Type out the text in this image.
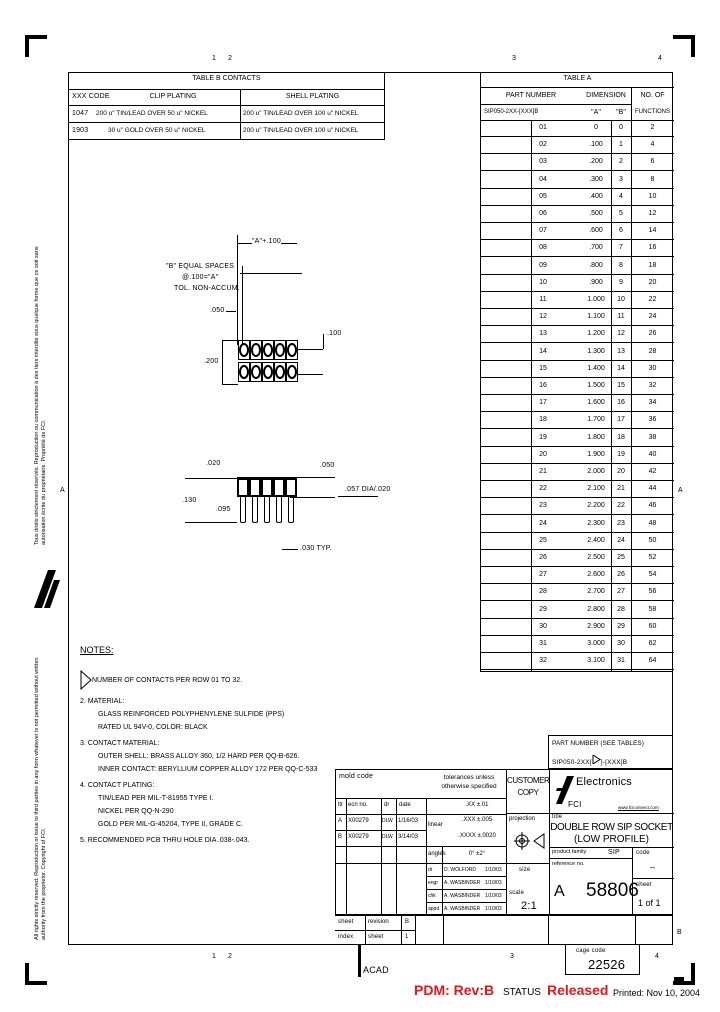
1 2	3	4
1 2	3	4
A	A
B
All rights strictly reserved. Reproduction or issue to third parties in any form whatever is not permitted without written authority from the proprietor. Copyright of FCI.
Tous droits strictement réservés. Reproduction ou communication à des tiers interdite sous quelque forme que ce soit sans autorisation écrite du propriétaire. Propriété de FCI.
TABLE B CONTACTS
XXX CODE	CLIP PLATING	SHELL PLATING
1047 200 u" TIN/LEAD OVER 50 u" NICKEL	200 u" TIN/LEAD OVER 100 u" NICKEL
1903	30 u" GOLD OVER 50 u" NICKEL	200 u" TIN/LEAD OVER 100 u" NICKEL
TABLE A
PART NUMBER	DIMENSION	NO. OF
SIP050-2XX-[XXX]B	"A"	"B"	FUNCTIONS
01	0	0	2
02	.100	1	4
03	.200	2	6
04	.300	3	8
05	.400	4	10
06	.500	5	12
07	.600	6	14
08	.700	7	16
09	.800	8	18
10	.900	9	20
11	1.000	10	22
12	1.100	11	24
13	1.200	12	26
14	1.300	13	28
15	1.400	14	30
16	1.500	15	32
17	1.600	16	34
18	1.700	17	36
19	1.800	18	38
20	1.900	19	40
21	2.000	20	42
22	2.100	21	44
23	2.200	22	46
24	2.300	23	48
25	2.400	24	50
26	2.500	25	52
27	2.600	26	54
28	2.700	27	56
29	2.800	28	58
30	2.900	29	60
31	3.000	30	62
32	3.100	31	64
"A"+.100
"B" EQUAL SPACES
@.100="A"
TOL. NON-ACCUM.
.050
.100
.200
.020	.050
.130
.095
.057 DIA/.020
.030 TYP.
NOTES:
NUMBER OF CONTACTS PER ROW 01 TO 32.
2. MATERIAL:
GLASS REINFORCED POLYPHENYLENE SULFIDE (PPS)
RATED UL 94V-0, COLOR: BLACK
3. CONTACT MATERIAL:
OUTER SHELL: BRASS ALLOY 360, 1/2 HARD PER QQ-B-626.
INNER CONTACT: BERYLLIUM COPPER ALLOY 172 PER QQ-C-533
4. CONTACT PLATING:
TIN/LEAD PER MIL-T-81955 TYPE I.
NICKEL PER QQ-N-290
GOLD PER MIL-G-45204, TYPE II, GRADE C.
5. RECOMMENDED PCB THRU HOLE DIA .038-.043.
PART NUMBER (SEE TABLES)
SIP050-2XX[ ]-[XXX]B
mold code	tolerances unless otherwise specified
CUSTOMER COPY
ltr ecn no.	dr date
A X00279	DLW 1/16/03
B X00279	DLW 3/14/03
linear
.XX ±.01
.XXX ±.005
.XXXX ±.0020
angles	0° ±2°
dr D. WOLFORD 1/10/03
engr A. WASBINDER 1/10/03
chk A. WASBINDER 1/10/03
appd A. WASBINDER 1/10/03
projection
size
scale
2:1
Electronics
FCI	www.fciconnect.com
title
DOUBLE ROW SIP SOCKET
(LOW PROFILE)
product family	SIP
reference no.
A 58806
code
–
sheet
1 of 1
sheet revision	B
index sheet	1
ACAD
cage code
22526
PDM: Rev:B STATUS Released Printed: Nov 10, 2004
